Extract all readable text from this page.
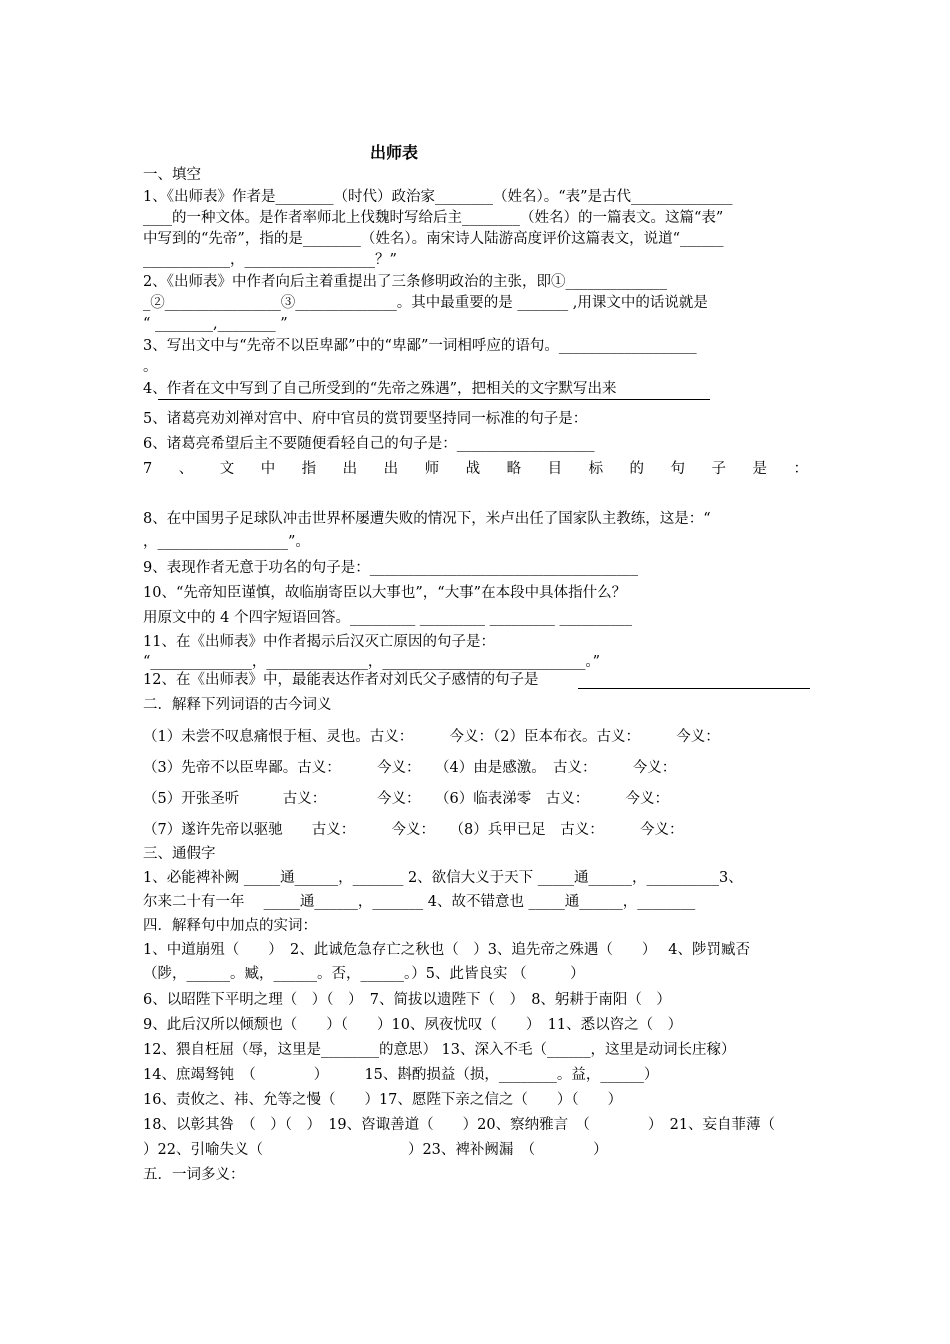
出师表
一、填空
1、《出师表》作者是________（时代）政治家________（姓名）。“表”是古代______________
____的一种文体。是作者率师北上伐魏时写给后主________（姓名）的一篇表文。这篇“表”
中写到的“先帝”，指的是________（姓名）。南宋诗人陆游高度评价这篇表文，说道“______
____________，__________________？”
2、《出师表》中作者向后主着重提出了三条修明政治的主张，即①______________
_②________________③______________。其中最重要的是 _______ ,用课文中的话说就是
“ ________,________ ”
3、写出文中与“先帝不以臣卑鄙”中的“卑鄙”一词相呼应的语句。___________________
。
4、作者在文中写到了自己所受到的“先帝之殊遇”，把相关的文字默写出来
5、诸葛亮劝刘禅对宫中、府中官员的赏罚要坚持同一标准的句子是：
6、诸葛亮希望后主不要随便看轻自己的句子是：___________________
7 、 文 中 指 出 出 师 战 略 目 标 的 句 子 是 ：
8、在中国男子足球队冲击世界杯屡遭失败的情况下，米卢出任了国家队主教练，这是：“
，__________________”。
9、表现作者无意于功名的句子是：_____________________________________
10、“先帝知臣谨慎，故临崩寄臣以大事也”，“大事”在本段中具体指什么？
用原文中的 4 个四字短语回答。_________ _________ _________ __________
11、在《出师表》中作者揭示后汉灭亡原因的句子是：
“______________，______________，____________________________。”
12、在《出师表》中，最能表达作者对刘氏父子感情的句子是
二．解释下列词语的古今词义
（1）未尝不叹息痛恨于桓、灵也。古义：　　　今义：（2）臣本布衣。古义：　　　今义：
（3）先帝不以臣卑鄙。古义：　　　今义：　　（4）由是感激。　古义：　　　今义：
（5）开张圣听　　　古义：　　　　今义：　　（6）临表涕零　古义：　　　今义：
（7）遂许先帝以驱驰　　古义：　　　今义：　　（8）兵甲已足　古义：　　　今义：
三、通假字
1、必能裨补阙 _____通______，_______ 2、欲信大义于天下 _____通______，__________3、
尔来二十有一年　 _____通______，_______ 4、故不错意也 _____通______，________
四．解释句中加点的实词：
1、中道崩殂（　　）　2、此诚危急存亡之秋也（　）3、追先帝之殊遇（　　）　 4、陟罚臧否
（陟，______。臧，______。否，______。）5、此皆良实 （　　　）
6、以昭陛下平明之理（　）（　）　7、简拔以遗陛下（　）　8、躬耕于南阳（　）
9、此后汉所以倾颓也（　　）（　　）10、夙夜忧叹（　　）　11、悉以咨之（　）
12、猥自枉屈（辱，这里是________的意思） 13、深入不毛（______，这里是动词长庄稼）
14、庶竭驽钝　（　　　　）　　　15、斟酌损益（损，________。益，______）
16、责攸之、祎、允等之慢（　　）17、愿陛下亲之信之（　　）（　　）
18、以彰其咎　（　）（　）　19、咨诹善道（　　）20、察纳雅言　（　　　　）　21、妄自菲薄（
）22、引喻失义（　　　　　　　　　　）23、裨补阙漏　（　　　　）
五．一词多义：
